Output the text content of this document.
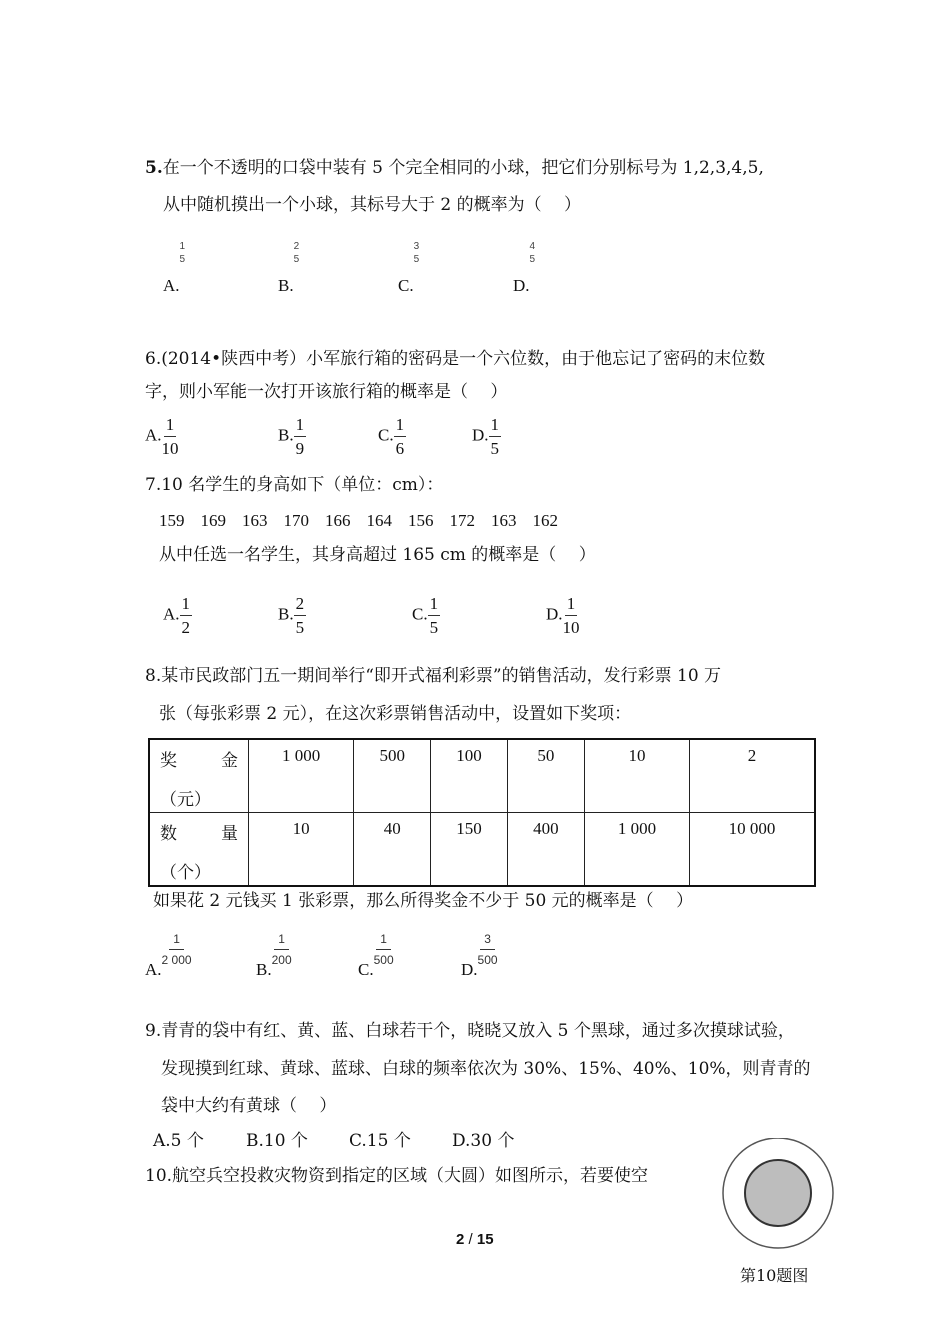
5.在一个不透明的口袋中装有 5 个完全相同的小球，把它们分别标号为 1,2,3,4,5,
从中随机摸出一个小球，其标号大于 2 的概率为（　 ）
A.
1
5
B.
2
5
C.
3
5
D.
4
5
6.(2014•陕西中考）小军旅行箱的密码是一个六位数，由于他忘记了密码的末位数
字，则小军能一次打开该旅行箱的概率是（　 ）
A. $\frac{1}{10}$	B. $\frac{1}{9}$	C. $\frac{1}{6}$	D. $\frac{1}{5}$
7.10 名学生的身高如下（单位：cm）：
159 169 163 170 166 164 156 172 163 162
从中任选一名学生，其身高超过 165 cm 的概率是（　 ）
A. $\frac{1}{2}$	B. $\frac{2}{5}$	C. $\frac{1}{5}$	D. $\frac{1}{10}$
8.某市民政部门五一期间举行“即开式福利彩票”的销售活动，发行彩票 10 万
张（每张彩票 2 元），在这次彩票销售活动中，设置如下奖项：
奖 金
（元）	1 000	500	100	50	10	2

数 量
（个）	10	40	150	400	1 000	10 000
如果花 2 元钱买 1 张彩票，那么所得奖金不少于 50 元的概率是（　 ）
A.
$\frac{1}{2 000}$
B.
$\frac{1}{200}$
C.
$\frac{1}{500}$
D.
$\frac{3}{500}$
9.青青的袋中有红、黄、蓝、白球若干个，晓晓又放入 5 个黑球，通过多次摸球试验，
发现摸到红球、黄球、蓝球、白球的频率依次为 30%、15%、40%、10%，则青青的
袋中大约有黄球（　 ）
A.5 个 B.10 个 C.15 个 D.30 个
10.航空兵空投救灾物资到指定的区域（大圆）如图所示，若要使空
第10题图
2 / 15
